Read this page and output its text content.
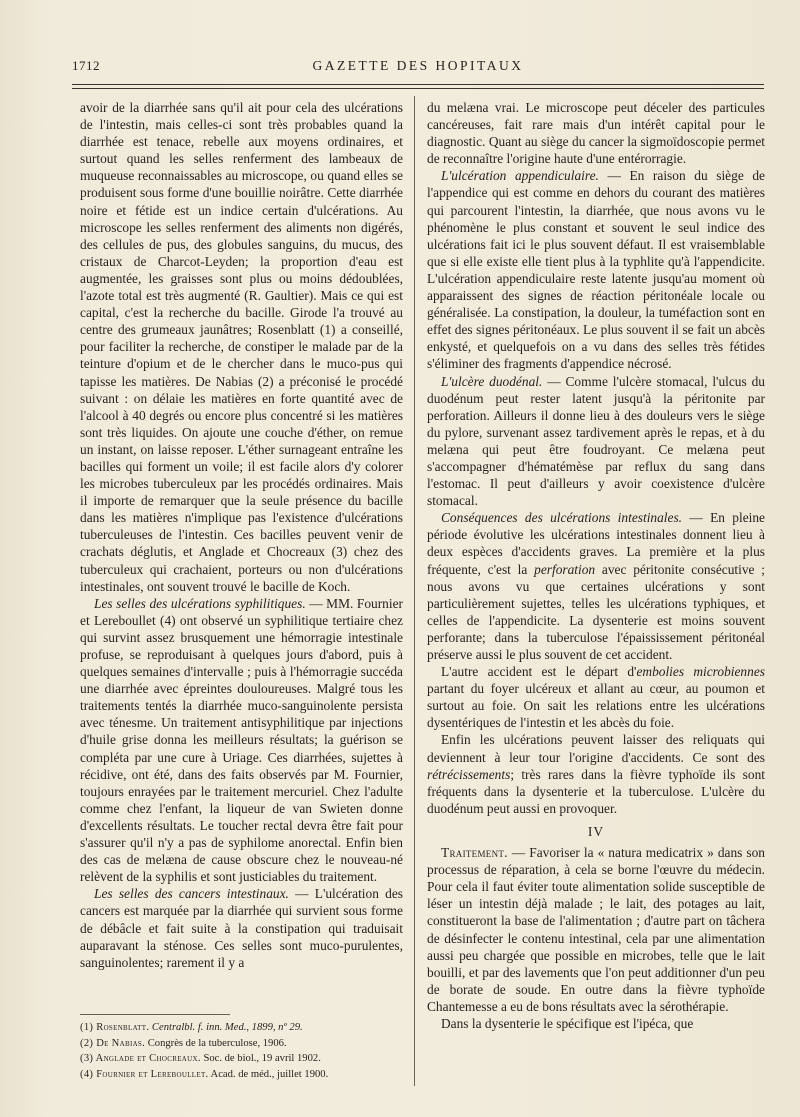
1712	GAZETTE DES HOPITAUX

avoir de la diarrhée sans qu'il ait pour cela des ulcérations de l'intestin, mais celles-ci sont très probables quand la diarrhée est tenace, rebelle aux moyens ordinaires, et surtout quand les selles renferment des lambeaux de muqueuse reconnaissables au microscope, ou quand elles se produisent sous forme d'une bouillie noirâtre. Cette diarrhée noire et fétide est un indice certain d'ulcérations. Au microscope les selles renferment des aliments non digérés, des cellules de pus, des globules sanguins, du mucus, des cristaux de Charcot-Leyden; la proportion d'eau est augmentée, les graisses sont plus ou moins dédoublées, l'azote total est très augmenté (R. Gaultier). Mais ce qui est capital, c'est la recherche du bacille. Girode l'a trouvé au centre des grumeaux jaunâtres; Rosenblatt (1) a conseillé, pour faciliter la recherche, de constiper le malade par de la teinture d'opium et de le chercher dans le muco-pus qui tapisse les matières. De Nabias (2) a préconisé le procédé suivant : on délaie les matières en forte quantité avec de l'alcool à 40 degrés ou encore plus concentré si les matières sont très liquides. On ajoute une couche d'éther, on remue un instant, on laisse reposer. L'éther surnageant entraîne les bacilles qui forment un voile; il est facile alors d'y colorer les microbes tuberculeux par les procédés ordinaires. Mais il importe de remarquer que la seule présence du bacille dans les matières n'implique pas l'existence d'ulcérations tuberculeuses de l'intestin. Ces bacilles peuvent venir de crachats déglutis, et Anglade et Chocreaux (3) chez des tuberculeux qui crachaient, porteurs ou non d'ulcérations intestinales, ont souvent trouvé le bacille de Koch.

Les selles des ulcérations syphilitiques. — MM. Fournier et Lereboullet (4) ont observé un syphilitique tertiaire chez qui survint assez brusquement une hémorragie intestinale profuse, se reproduisant à quelques jours d'abord, puis à quelques semaines d'intervalle ; puis à l'hémorragie succéda une diarrhée avec épreintes douloureuses. Malgré tous les traitements tentés la diarrhée muco-sanguinolente persista avec ténesme. Un traitement antisyphilitique par injections d'huile grise donna les meilleurs résultats; la guérison se compléta par une cure à Uriage. Ces diarrhées, sujettes à récidive, ont été, dans des faits observés par M. Fournier, toujours enrayées par le traitement mercuriel. Chez l'adulte comme chez l'enfant, la liqueur de van Swieten donne d'excellents résultats. Le toucher rectal devra être fait pour s'assurer qu'il n'y a pas de syphilome anorectal. Enfin bien des cas de melæna de cause obscure chez le nouveau-né relèvent de la syphilis et sont justiciables du traitement.

Les selles des cancers intestinaux. — L'ulcération des cancers est marquée par la diarrhée qui survient sous forme de débâcle et fait suite à la constipation qui traduisait auparavant la sténose. Ces selles sont muco-purulentes, sanguinolentes; rarement il y a

(1) Rosenblatt. Centralbl. f. inn. Med., 1899, nº 29.
(2) De Nabias. Congrès de la tuberculose, 1906.
(3) Anglade et Chocreaux. Soc. de biol., 19 avril 1902.
(4) Fournier et Lereboullet. Acad. de méd., juillet 1900.

du melæna vrai. Le microscope peut déceler des particules cancéreuses, fait rare mais d'un intérêt capital pour le diagnostic. Quant au siège du cancer la sigmoïdoscopie permet de reconnaître l'origine haute d'une entérorragie.

L'ulcération appendiculaire. — En raison du siège de l'appendice qui est comme en dehors du courant des matières qui parcourent l'intestin, la diarrhée, que nous avons vu le phénomène le plus constant et souvent le seul indice des ulcérations fait ici le plus souvent défaut. Il est vraisemblable que si elle existe elle tient plus à la typhlite qu'à l'appendicite. L'ulcération appendiculaire reste latente jusqu'au moment où apparaissent des signes de réaction péritonéale locale ou généralisée. La constipation, la douleur, la tuméfaction sont en effet des signes péritonéaux. Le plus souvent il se fait un abcès enkysté, et quelquefois on a vu dans des selles très fétides s'éliminer des fragments d'appendice nécrosé.

L'ulcère duodénal. — Comme l'ulcère stomacal, l'ulcus du duodénum peut rester latent jusqu'à la péritonite par perforation. Ailleurs il donne lieu à des douleurs vers le siège du pylore, survenant assez tardivement après le repas, et à du melæna qui peut être foudroyant. Ce melæna peut s'accompagner d'hématémèse par reflux du sang dans l'estomac. Il peut d'ailleurs y avoir coexistence d'ulcère stomacal.

Conséquences des ulcérations intestinales. — En pleine période évolutive les ulcérations intestinales donnent lieu à deux espèces d'accidents graves. La première et la plus fréquente, c'est la perforation avec péritonite consécutive ; nous avons vu que certaines ulcérations y sont particulièrement sujettes, telles les ulcérations typhiques, et celles de l'appendicite. La dysenterie est moins souvent perforante; dans la tuberculose l'épaississement péritonéal préserve aussi le plus souvent de cet accident.

L'autre accident est le départ d'embolies microbiennes partant du foyer ulcéreux et allant au cœur, au poumon et surtout au foie. On sait les relations entre les ulcérations dysentériques de l'intestin et les abcès du foie.

Enfin les ulcérations peuvent laisser des reliquats qui deviennent à leur tour l'origine d'accidents. Ce sont des rétrécissements; très rares dans la fièvre typhoïde ils sont fréquents dans la dysenterie et la tuberculose. L'ulcère du duodénum peut aussi en provoquer.

IV

Traitement. — Favoriser la « natura medicatrix » dans son processus de réparation, à cela se borne l'œuvre du médecin. Pour cela il faut éviter toute alimentation solide susceptible de léser un intestin déjà malade ; le lait, des potages au lait, constitueront la base de l'alimentation ; d'autre part on tâchera de désinfecter le contenu intestinal, cela par une alimentation aussi peu chargée que possible en microbes, telle que le lait bouilli, et par des lavements que l'on peut additionner d'un peu de borate de soude. En outre dans la fièvre typhoïde Chantemesse a eu de bons résultats avec la sérothérapie.

Dans la dysenterie le spécifique est l'ipéca, que
